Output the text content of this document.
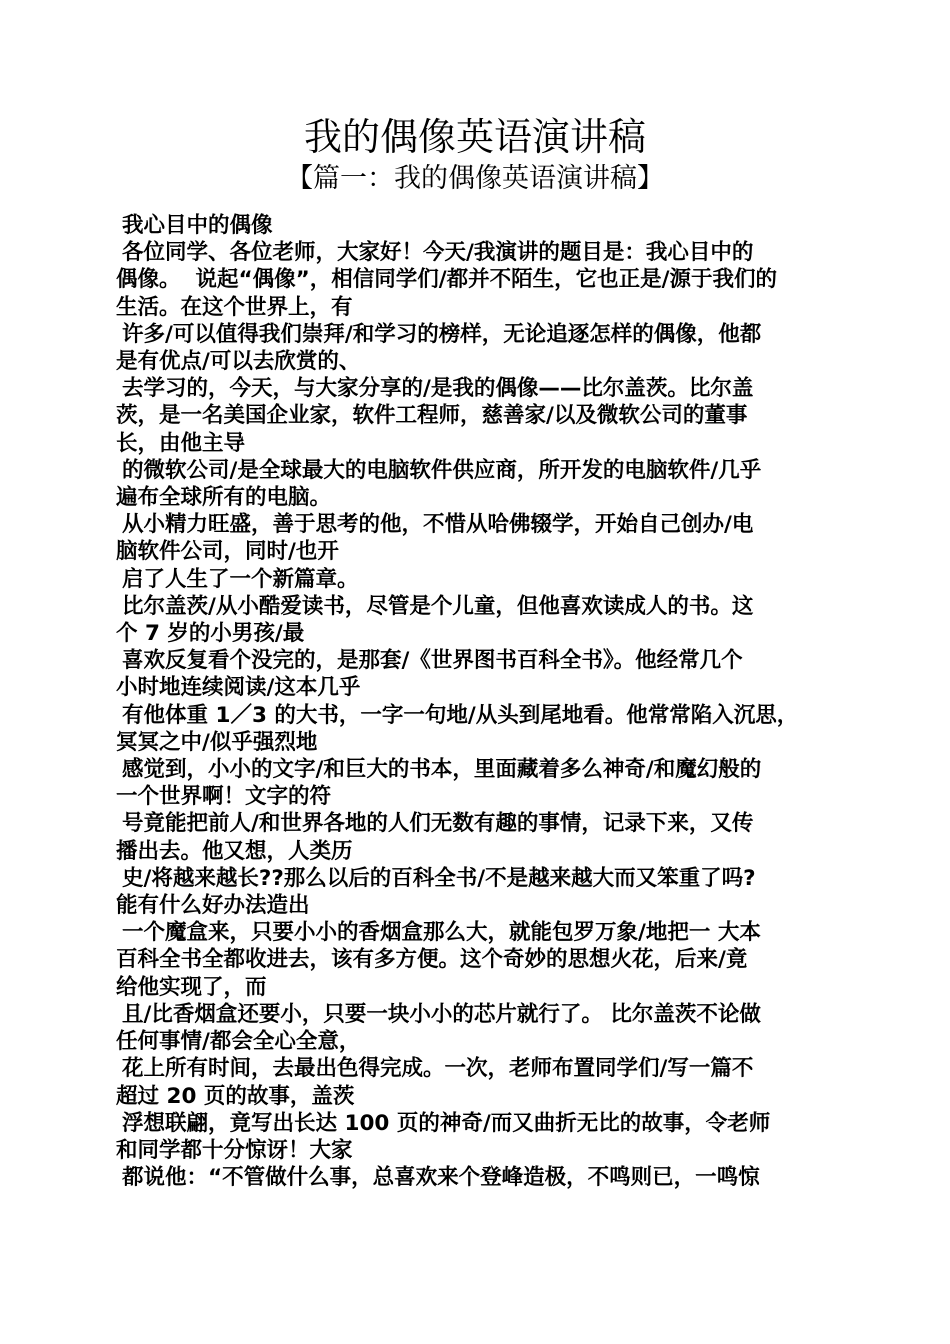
我的偶像英语演讲稿
【篇一：我的偶像英语演讲稿】
我心目中的偶像
各位同学、各位老师，大家好！今天/我演讲的题目是：我心目中的
偶像。  说起“偶像”，相信同学们/都并不陌生，它也正是/源于我们的
生活。在这个世界上，有
许多/可以值得我们崇拜/和学习的榜样，无论追逐怎样的偶像，他都
是有优点/可以去欣赏的、
去学习的，今天，与大家分享的/是我的偶像——比尔盖茨。比尔盖
茨，是一名美国企业家，软件工程师，慈善家/以及微软公司的董事
长，由他主导
的微软公司/是全球最大的电脑软件供应商，所开发的电脑软件/几乎
遍布全球所有的电脑。
从小精力旺盛，善于思考的他，不惜从哈佛辍学，开始自己创办/电
脑软件公司，同时/也开
启了人生了一个新篇章。
比尔盖茨/从小酷爱读书，尽管是个儿童，但他喜欢读成人的书。这
个 7 岁的小男孩/最
喜欢反复看个没完的，是那套/《世界图书百科全书》。他经常几个
小时地连续阅读/这本几乎
有他体重 1／3 的大书，一字一句地/从头到尾地看。他常常陷入沉思，
冥冥之中/似乎强烈地
感觉到，小小的文字/和巨大的书本，里面藏着多么神奇/和魔幻般的
一个世界啊！文字的符
号竟能把前人/和世界各地的人们无数有趣的事情，记录下来，又传
播出去。他又想，人类历
史/将越来越长??那么以后的百科全书/不是越来越大而又笨重了吗?
能有什么好办法造出
一个魔盒来，只要小小的香烟盒那么大，就能包罗万象/地把一 大本
百科全书全都收进去，该有多方便。这个奇妙的思想火花，后来/竟
给他实现了，而
且/比香烟盒还要小，只要一块小小的芯片就行了。 比尔盖茨不论做
任何事情/都会全心全意，
花上所有时间，去最出色得完成。一次，老师布置同学们/写一篇不
超过 20 页的故事，盖茨
浮想联翩，竟写出长达 100 页的神奇/而又曲折无比的故事，令老师
和同学都十分惊讶！大家
都说他：“不管做什么事，总喜欢来个登峰造极，不鸣则已，一鸣惊
